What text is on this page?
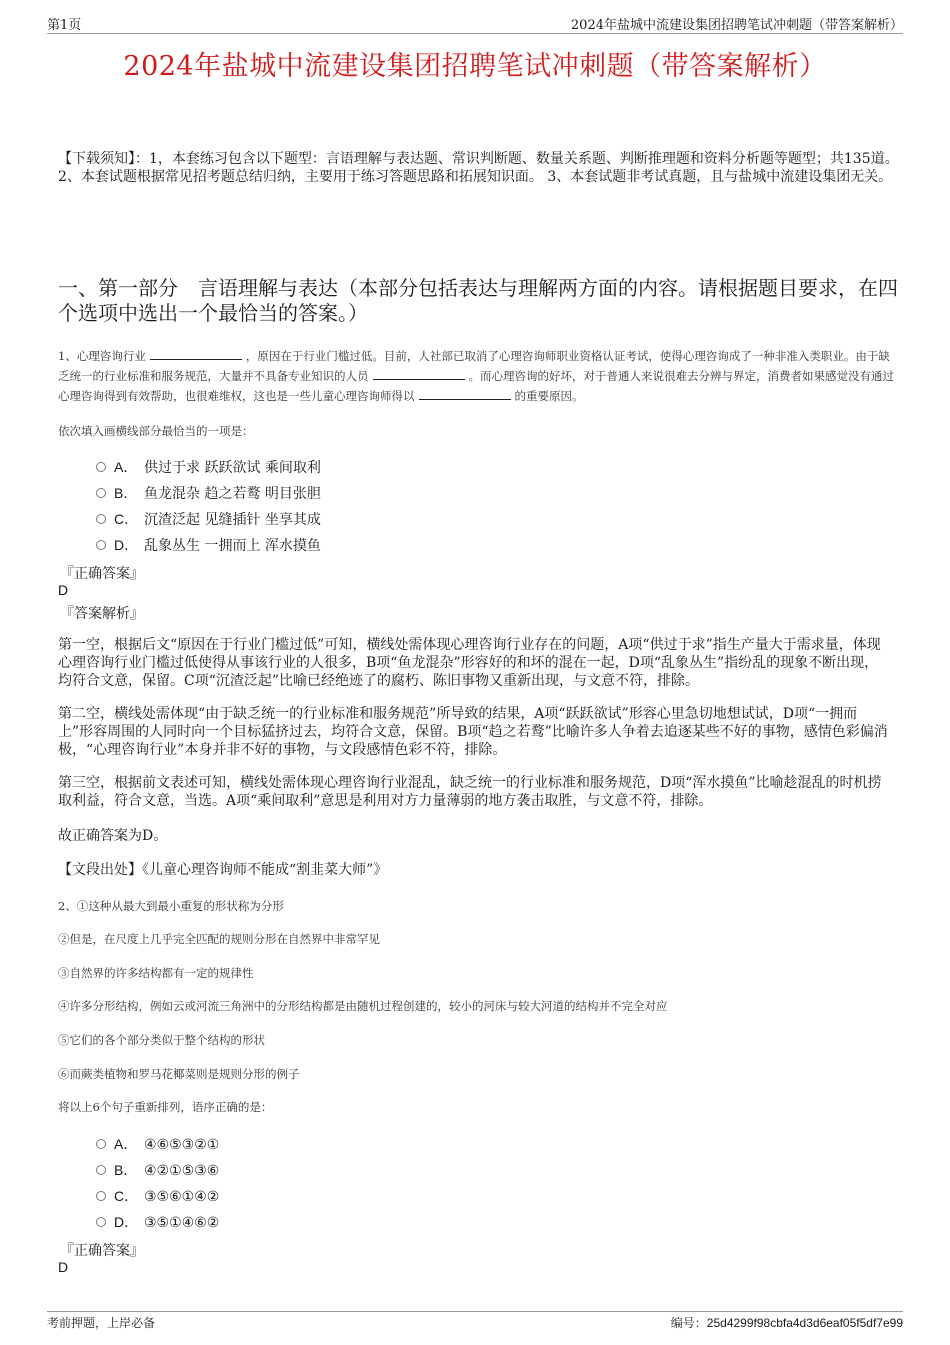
第1页	2024年盐城中流建设集团招聘笔试冲刺题（带答案解析）
2024年盐城中流建设集团招聘笔试冲刺题（带答案解析）
【下载须知】：1，本套练习包含以下题型：言语理解与表达题、常识判断题、数量关系题、判断推理题和资料分析题等题型；共135道。 2、本套试题根据常见招考题总结归纳，主要用于练习答题思路和拓展知识面。 3、本套试题非考试真题，且与盐城中流建设集团无关。
一、第一部分　言语理解与表达（本部分包括表达与理解两方面的内容。请根据题目要求，在四个选项中选出一个最恰当的答案。）
1、心理咨询行业	，原因在于行业门槛过低。目前，人社部已取消了心理咨询师职业资格认证考试，使得心理咨询成了一种非准入类职业。由于缺乏统一的行业标准和服务规范，大量并不具备专业知识的人员	。而心理咨询的好坏，对于普通人来说很难去分辨与界定，消费者如果感觉没有通过心理咨询得到有效帮助，也很难维权，这也是一些儿童心理咨询师得以	的重要原因。
依次填入画横线部分最恰当的一项是：
A． 供过于求 跃跃欲试 乘间取利
B． 鱼龙混杂 趋之若鹜 明目张胆
C． 沉渣泛起 见缝插针 坐享其成
D． 乱象丛生 一拥而上 浑水摸鱼
『正确答案』
D
『答案解析』
第一空，根据后文“原因在于行业门槛过低”可知，横线处需体现心理咨询行业存在的问题，A项“供过于求”指生产量大于需求量，体现心理咨询行业门槛过低使得从事该行业的人很多，B项“鱼龙混杂”形容好的和坏的混在一起，D项“乱象丛生”指纷乱的现象不断出现，均符合文意，保留。C项“沉渣泛起”比喻已经绝迹了的腐朽、陈旧事物又重新出现，与文意不符，排除。
第二空，横线处需体现“由于缺乏统一的行业标准和服务规范”所导致的结果，A项“跃跃欲试”形容心里急切地想试试，D项“一拥而上”形容周围的人同时向一个目标猛挤过去，均符合文意，保留。B项“趋之若鹜”比喻许多人争着去追逐某些不好的事物，感情色彩偏消极，“心理咨询行业”本身并非不好的事物，与文段感情色彩不符，排除。
第三空，根据前文表述可知，横线处需体现心理咨询行业混乱，缺乏统一的行业标准和服务规范，D项“浑水摸鱼”比喻趁混乱的时机捞取利益，符合文意，当选。A项“乘间取利”意思是利用对方力量薄弱的地方袭击取胜，与文意不符，排除。
故正确答案为D。
【文段出处】《儿童心理咨询师不能成“割韭菜大师”》
2、①这种从最大到最小重复的形状称为分形
②但是，在尺度上几乎完全匹配的规则分形在自然界中非常罕见
③自然界的许多结构都有一定的规律性
④许多分形结构，例如云或河流三角洲中的分形结构都是由随机过程创建的，较小的河床与较大河道的结构并不完全对应
⑤它们的各个部分类似于整个结构的形状
⑥而蕨类植物和罗马花椰菜则是规则分形的例子
将以上6个句子重新排列，语序正确的是：
A． ④⑥⑤③②①
B． ④②①⑤③⑥
C． ③⑤⑥①④②
D． ③⑤①④⑥②
『正确答案』
D
考前押题，上岸必备	编号：25d4299f98cbfa4d3d6eaf05f5df7e99
